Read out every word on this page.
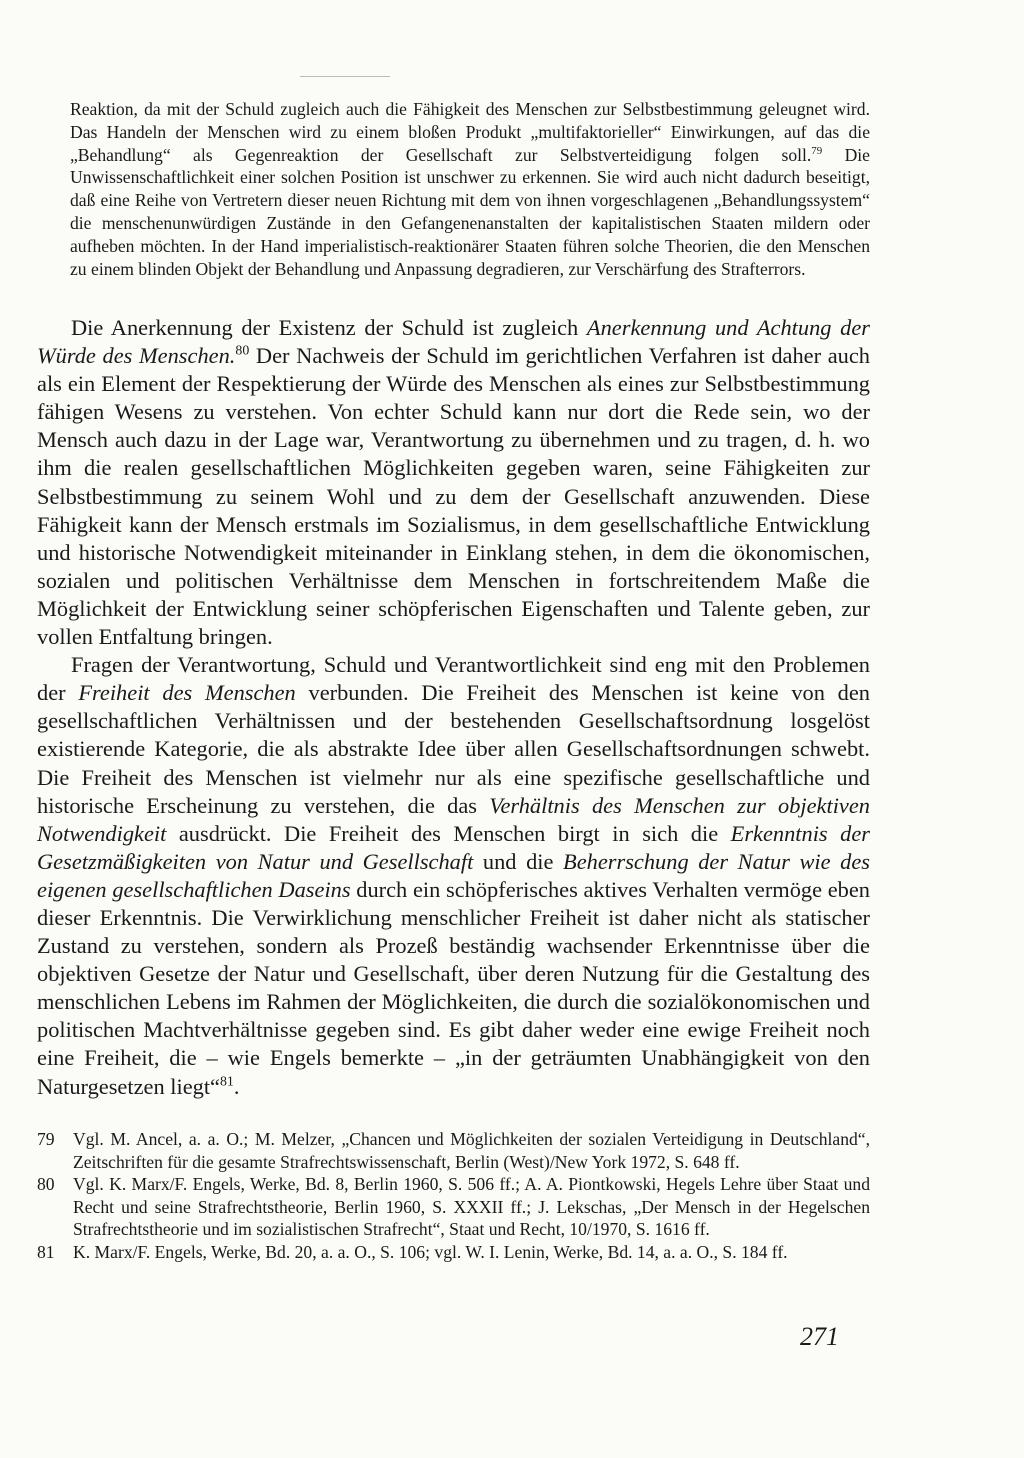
Reaktion, da mit der Schuld zugleich auch die Fähigkeit des Menschen zur Selbstbestimmung geleugnet wird. Das Handeln der Menschen wird zu einem bloßen Produkt „multifaktorieller“ Einwirkungen, auf das die „Behandlung“ als Gegenreaktion der Gesellschaft zur Selbstverteidigung folgen soll.$^{79}$ Die Unwissenschaftlichkeit einer solchen Position ist unschwer zu erkennen. Sie wird auch nicht dadurch beseitigt, daß eine Reihe von Vertretern dieser neuen Richtung mit dem von ihnen vorgeschlagenen „Behandlungssystem“ die menschenunwürdigen Zustände in den Gefangenenanstalten der kapitalistischen Staaten mildern oder aufheben möchten. In der Hand imperialistisch-reaktionärer Staaten führen solche Theorien, die den Menschen zu einem blinden Objekt der Behandlung und Anpassung degradieren, zur Verschärfung des Strafterrors.

Die Anerkennung der Existenz der Schuld ist zugleich Anerkennung und Achtung der Würde des Menschen.$^{80}$ Der Nachweis der Schuld im gerichtlichen Verfahren ist daher auch als ein Element der Respektierung der Würde des Menschen als eines zur Selbstbestimmung fähigen Wesens zu verstehen. Von echter Schuld kann nur dort die Rede sein, wo der Mensch auch dazu in der Lage war, Verantwortung zu übernehmen und zu tragen, d. h. wo ihm die realen gesellschaftlichen Möglichkeiten gegeben waren, seine Fähigkeiten zur Selbstbestimmung zu seinem Wohl und zu dem der Gesellschaft anzuwenden. Diese Fähigkeit kann der Mensch erstmals im Sozialismus, in dem gesellschaftliche Entwicklung und historische Notwendigkeit miteinander in Einklang stehen, in dem die ökonomischen, sozialen und politischen Verhältnisse dem Menschen in fortschreitendem Maße die Möglichkeit der Entwicklung seiner schöpferischen Eigenschaften und Talente geben, zur vollen Entfaltung bringen.

Fragen der Verantwortung, Schuld und Verantwortlichkeit sind eng mit den Problemen der Freiheit des Menschen verbunden. Die Freiheit des Menschen ist keine von den gesellschaftlichen Verhältnissen und der bestehenden Gesellschaftsordnung losgelöst existierende Kategorie, die als abstrakte Idee über allen Gesellschaftsordnungen schwebt. Die Freiheit des Menschen ist vielmehr nur als eine spezifische gesellschaftliche und historische Erscheinung zu verstehen, die das Verhältnis des Menschen zur objektiven Notwendigkeit ausdrückt. Die Freiheit des Menschen birgt in sich die Erkenntnis der Gesetzmäßigkeiten von Natur und Gesellschaft und die Beherrschung der Natur wie des eigenen gesellschaftlichen Daseins durch ein schöpferisches aktives Verhalten vermöge eben dieser Erkenntnis. Die Verwirklichung menschlicher Freiheit ist daher nicht als statischer Zustand zu verstehen, sondern als Prozeß beständig wachsender Erkenntnisse über die objektiven Gesetze der Natur und Gesellschaft, über deren Nutzung für die Gestaltung des menschlichen Lebens im Rahmen der Möglichkeiten, die durch die sozialökonomischen und politischen Machtverhältnisse gegeben sind. Es gibt daher weder eine ewige Freiheit noch eine Freiheit, die – wie Engels bemerkte – „in der geträumten Unabhängigkeit von den Naturgesetzen liegt“$^{81}$.

79	Vgl. M. Ancel, a. a. O.; M. Melzer, „Chancen und Möglichkeiten der sozialen Verteidigung in Deutschland“, Zeitschriften für die gesamte Strafrechtswissenschaft, Berlin (West)/New York 1972, S. 648 ff.
80	Vgl. K. Marx/F. Engels, Werke, Bd. 8, Berlin 1960, S. 506 ff.; A. A. Piontkowski, Hegels Lehre über Staat und Recht und seine Strafrechtstheorie, Berlin 1960, S. XXXII ff.; J. Lekschas, „Der Mensch in der Hegelschen Strafrechtstheorie und im sozialistischen Strafrecht“, Staat und Recht, 10/1970, S. 1616 ff.
81	K. Marx/F. Engels, Werke, Bd. 20, a. a. O., S. 106; vgl. W. I. Lenin, Werke, Bd. 14, a. a. O., S. 184 ff.
271
